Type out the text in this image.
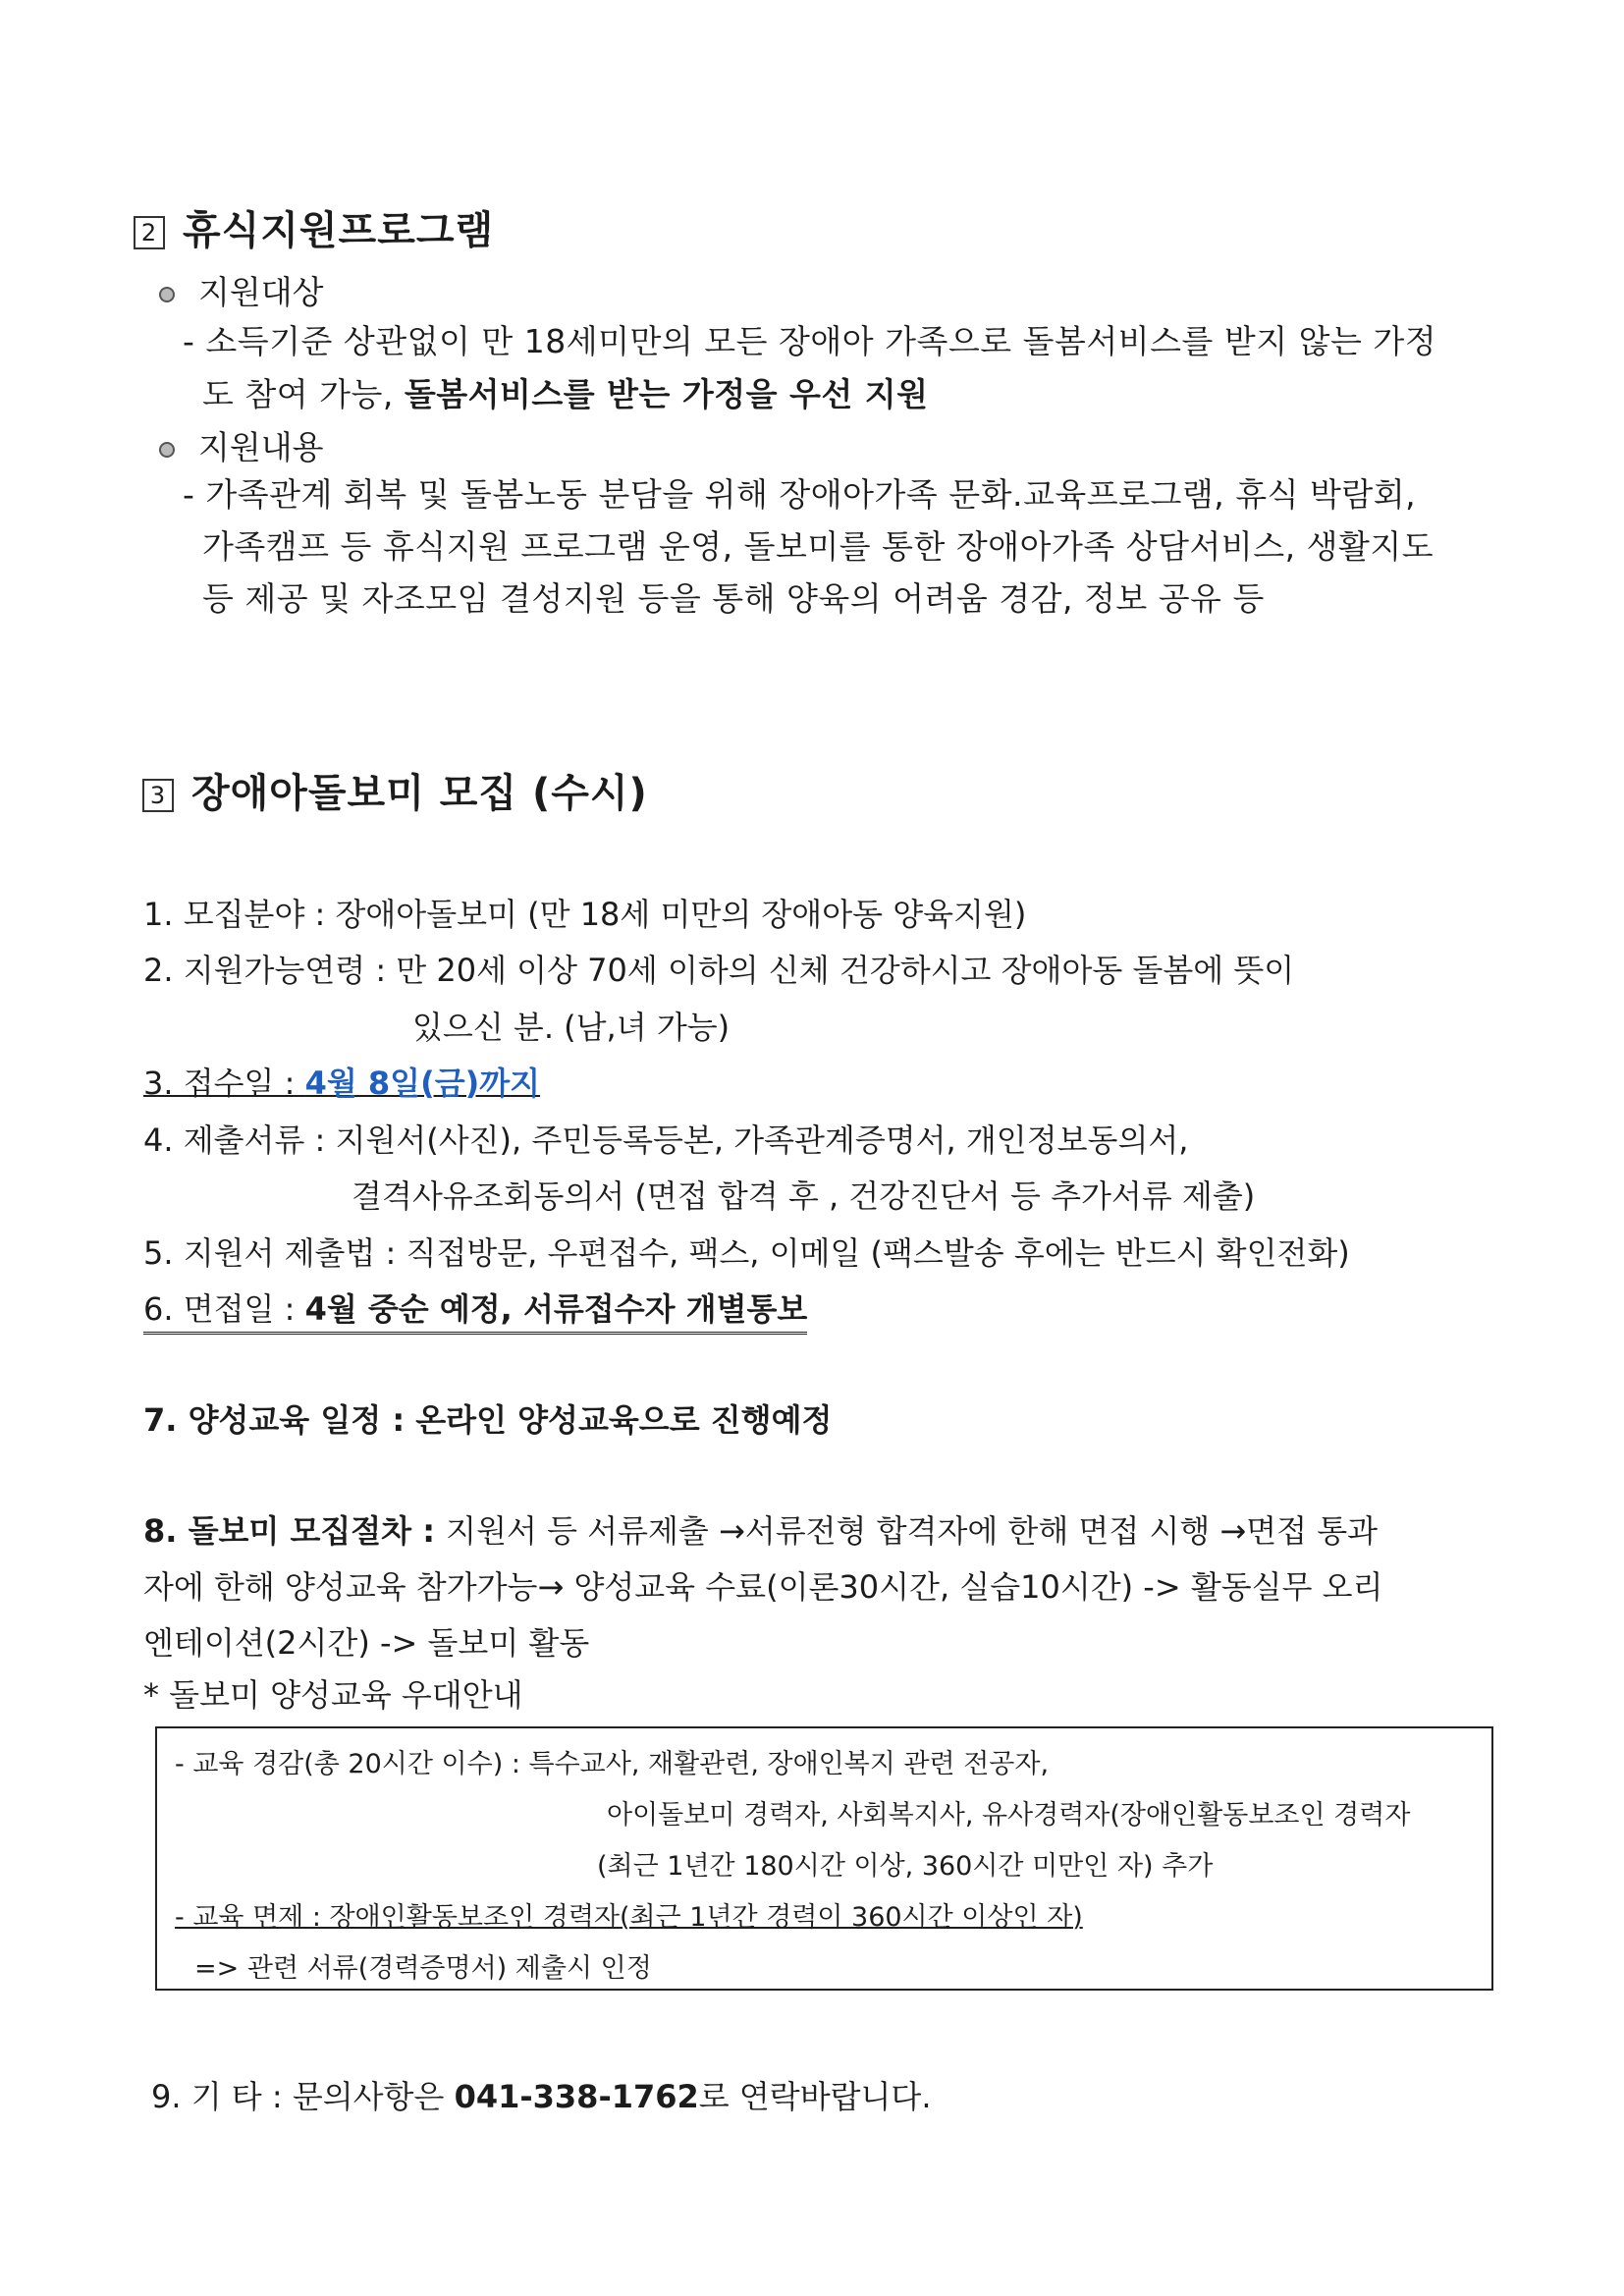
2 휴식지원프로그램
지원대상
- 소득기준 상관없이 만 18세미만의 모든 장애아 가족으로 돌봄서비스를 받지 않는 가정
도 참여 가능, 돌봄서비스를 받는 가정을 우선 지원
지원내용
- 가족관계 회복 및 돌봄노동 분담을 위해 장애아가족 문화.교육프로그램, 휴식 박람회,
가족캠프 등 휴식지원 프로그램 운영, 돌보미를 통한 장애아가족 상담서비스, 생활지도
등 제공 및 자조모임 결성지원 등을 통해 양육의 어려움 경감, 정보 공유 등
3 장애아돌보미 모집 (수시)
1. 모집분야 : 장애아돌보미 (만 18세 미만의 장애아동 양육지원)
2. 지원가능연령 : 만 20세 이상 70세 이하의 신체 건강하시고 장애아동 돌봄에 뜻이
있으신 분. (남,녀 가능)
3. 접수일 : 4월 8일(금)까지
4. 제출서류 : 지원서(사진), 주민등록등본, 가족관계증명서, 개인정보동의서,
결격사유조회동의서 (면접 합격 후 , 건강진단서 등 추가서류 제출)
5. 지원서 제출법 : 직접방문, 우편접수, 팩스, 이메일 (팩스발송 후에는 반드시 확인전화)
6. 면접일 : 4월 중순 예정, 서류접수자 개별통보
7. 양성교육 일정 : 온라인 양성교육으로 진행예정
8. 돌보미 모집절차 : 지원서 등 서류제출 →서류전형 합격자에 한해 면접 시행 →면접 통과
자에 한해 양성교육 참가가능→ 양성교육 수료(이론30시간, 실습10시간) -> 활동실무 오리
엔테이션(2시간) -> 돌보미 활동
* 돌보미 양성교육 우대안내
- 교육 경감(총 20시간 이수) : 특수교사, 재활관련, 장애인복지 관련 전공자,
아이돌보미 경력자, 사회복지사, 유사경력자(장애인활동보조인 경력자
(최근 1년간 180시간 이상, 360시간 미만인 자) 추가
- 교육 면제 : 장애인활동보조인 경력자(최근 1년간 경력이 360시간 이상인 자)
=> 관련 서류(경력증명서) 제출시 인정
9. 기 타 : 문의사항은 041-338-1762로 연락바랍니다.
